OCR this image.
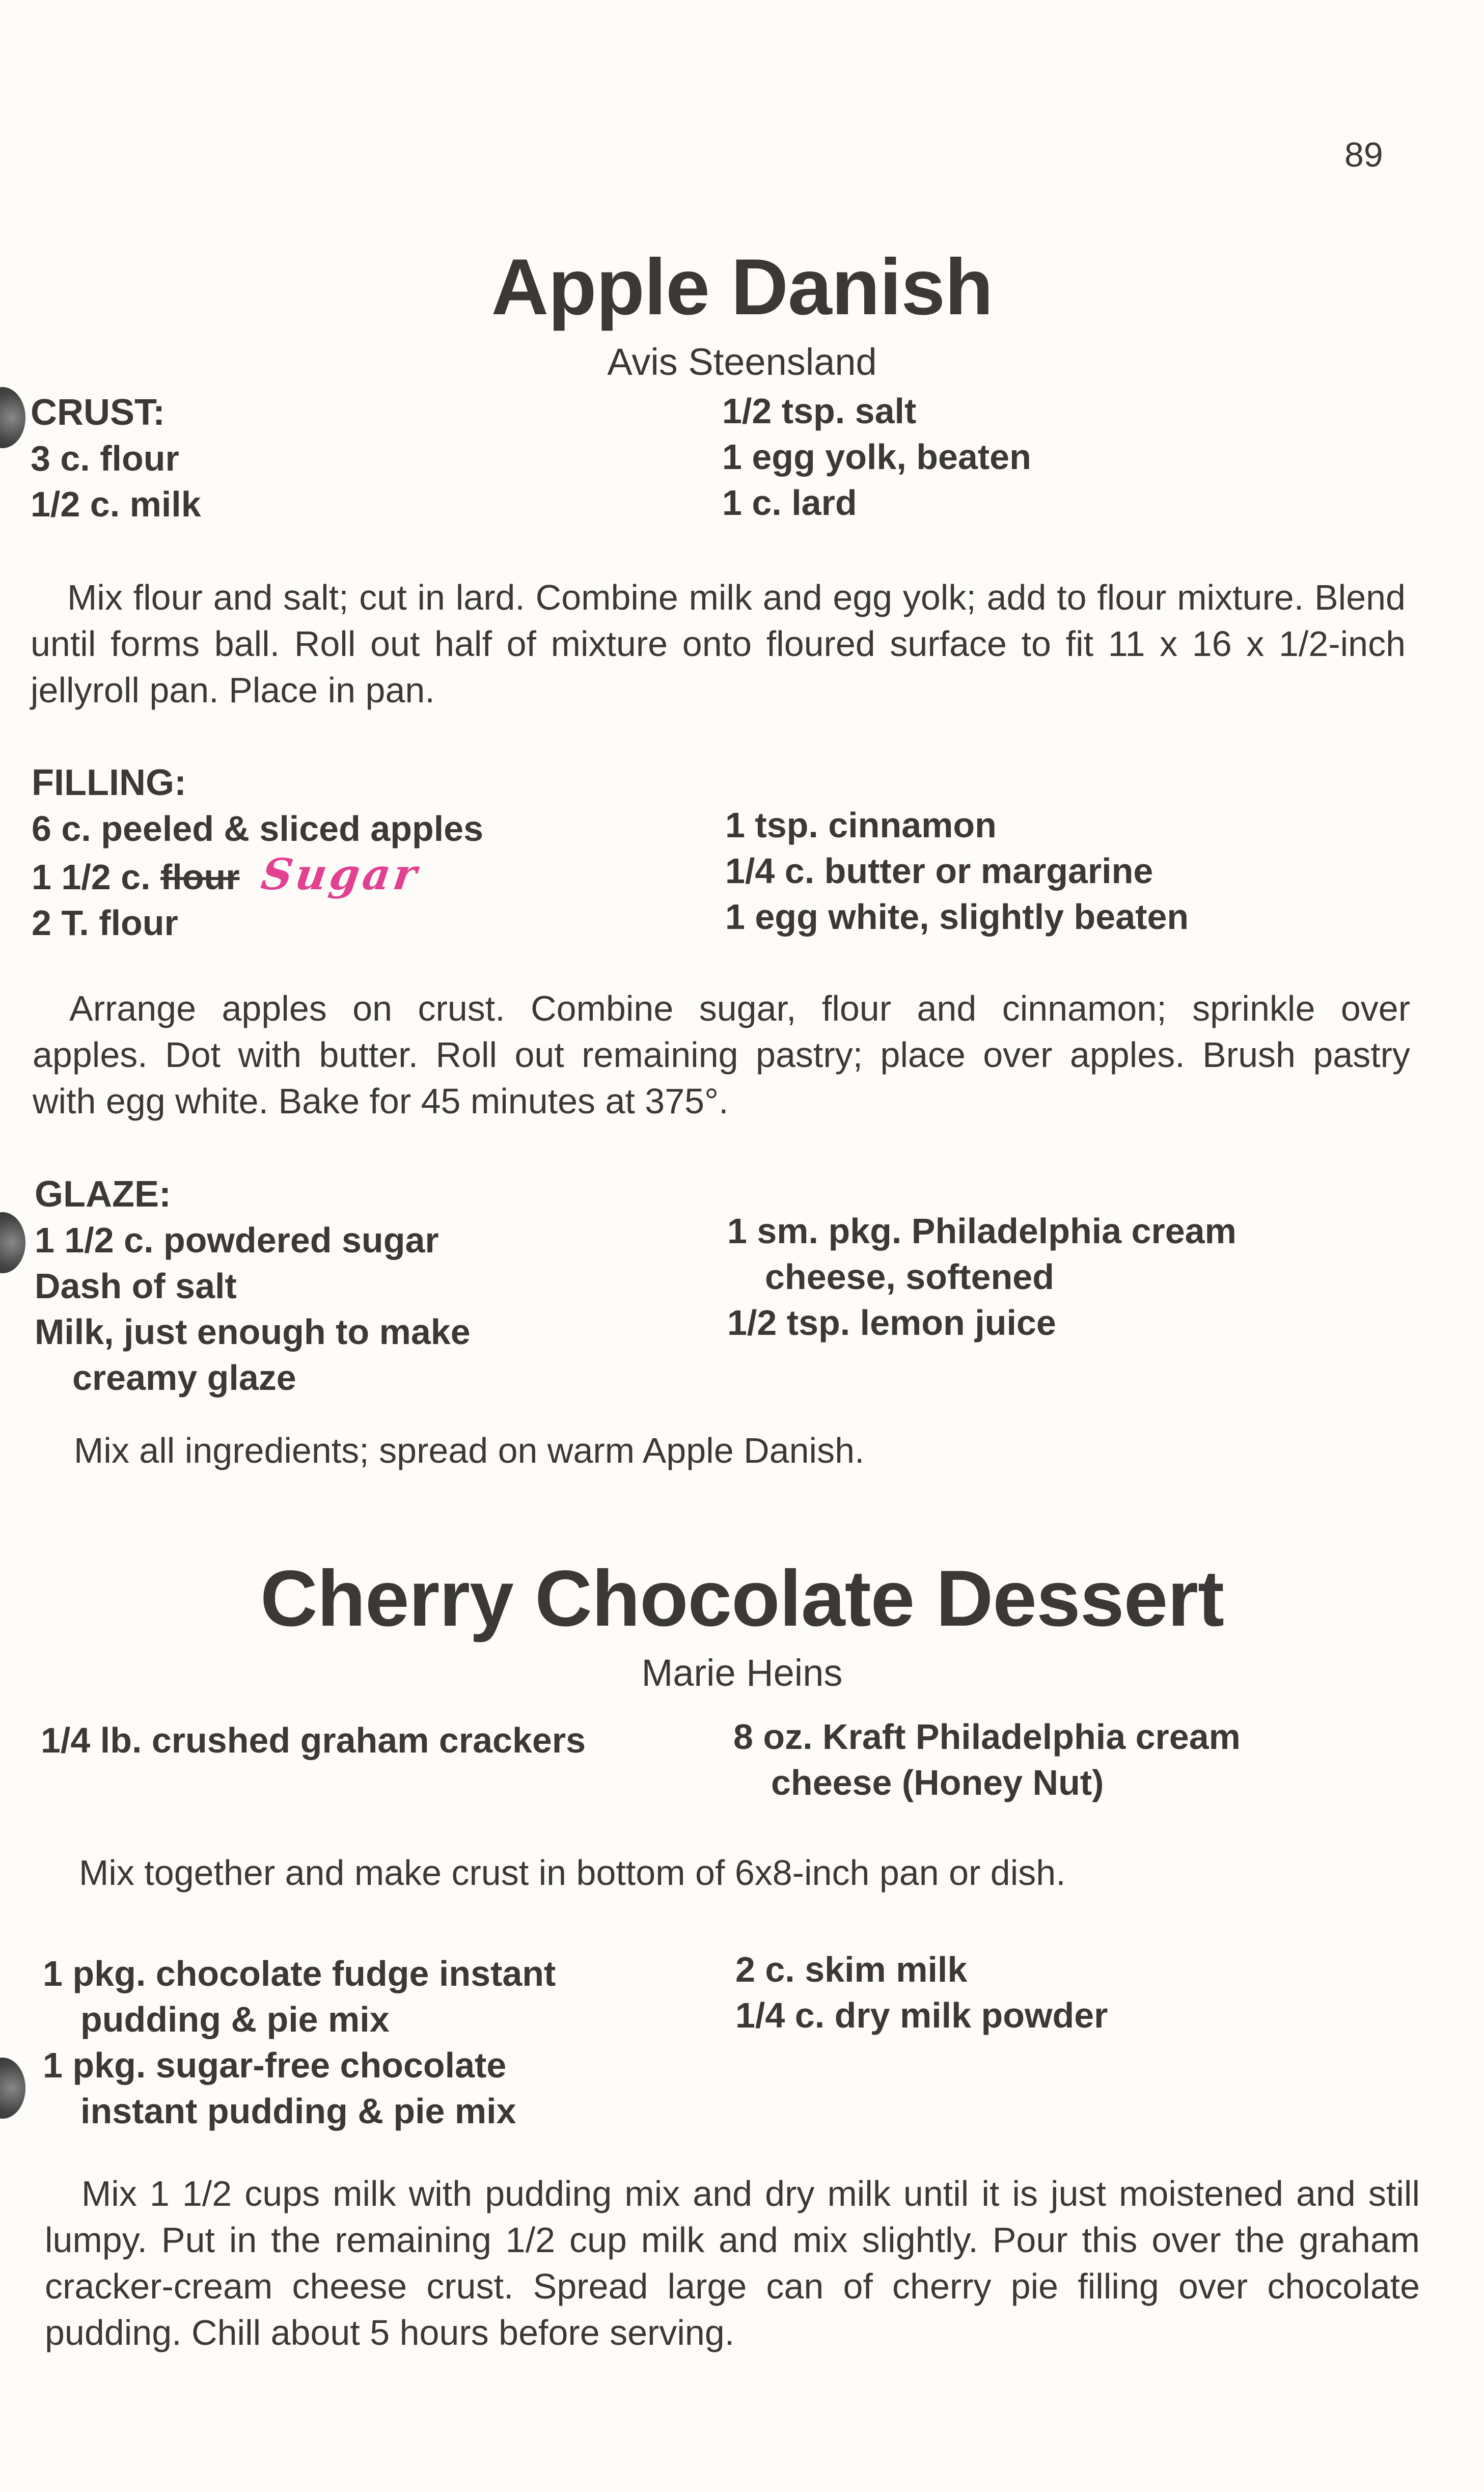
89
Apple Danish
Avis Steensland
CRUST:
3 c. flour
1/2 c. milk
1/2 tsp. salt
1 egg yolk, beaten
1 c. lard
Mix flour and salt; cut in lard. Combine milk and egg yolk; add to flour mixture. Blend
until forms ball. Roll out half of mixture onto floured surface to fit 11 x 16 x 1/2-inch
jellyroll pan. Place in pan.
FILLING:
6 c. peeled & sliced apples
1 1/2 c. flour Sugar
2 T. flour
1 tsp. cinnamon
1/4 c. butter or margarine
1 egg white, slightly beaten
Arrange apples on crust. Combine sugar, flour and cinnamon; sprinkle over
apples. Dot with butter. Roll out remaining pastry; place over apples. Brush pastry
with egg white. Bake for 45 minutes at 375°.
GLAZE:
1 1/2 c. powdered sugar
Dash of salt
Milk, just enough to make
creamy glaze
1 sm. pkg. Philadelphia cream
cheese, softened
1/2 tsp. lemon juice
Mix all ingredients; spread on warm Apple Danish.
Cherry Chocolate Dessert
Marie Heins
1/4 lb. crushed graham crackers	8 oz. Kraft Philadelphia cream
cheese (Honey Nut)
Mix together and make crust in bottom of 6x8-inch pan or dish.
1 pkg. chocolate fudge instant
pudding & pie mix
1 pkg. sugar-free chocolate
instant pudding & pie mix
2 c. skim milk
1/4 c. dry milk powder
Mix 1 1/2 cups milk with pudding mix and dry milk until it is just moistened and still
lumpy. Put in the remaining 1/2 cup milk and mix slightly. Pour this over the graham
cracker-cream cheese crust. Spread large can of cherry pie filling over chocolate
pudding. Chill about 5 hours before serving.
